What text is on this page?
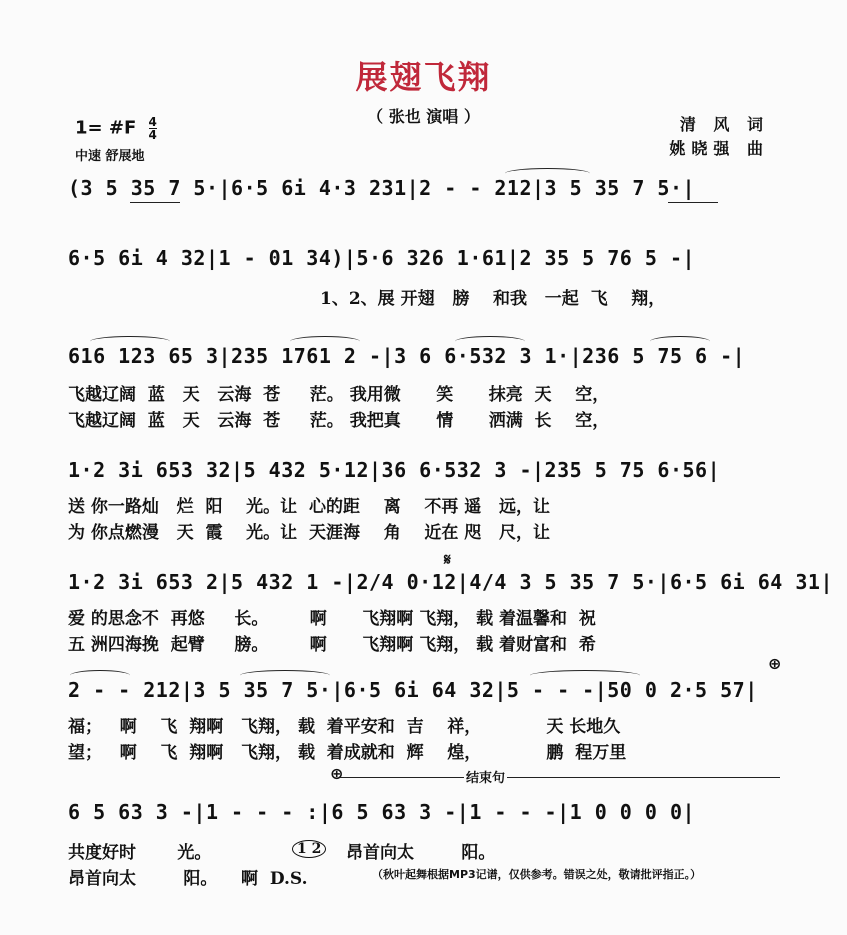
展翅飞翔
（ 张也 演唱 ）
1= #F $\frac{4}{4}$
中速 舒展地
清 风 词
姚晓强 曲
(3 5 35 7 5·|6·5 6i 4·3 231|2 - - 212|3 5 35 7 5·|
6·5 6i 4 32|1 - 01 34)|5·6 326 1·61|2 35 5 76 5 -|
1、2、展 开翅   膀    和我   一起  飞    翔，
616 123 65 3|235 1761 2 -|3 6 6·532 3 1·|236 5 75 6 -|
飞越辽阔  蓝   天   云海  苍     茫。 我用微      笑      抹亮  天    空，
飞越辽阔  蓝   天   云海  苍     茫。 我把真      情      洒满  长    空，
1·2 3i 653 32|5 432 5·12|36 6·532 3 -|235 5 75 6·56|
送 你一路灿   烂  阳    光。让  心的距    离    不再 遥   远，让
为 你点燃漫   天  霞    光。让  天涯海    角    近在 咫   尺，让
𝄋
1·2 3i 653 2|5 432 1 -|2/4 0·12|4/4 3 5 35 7 5·|6·5 6i 64 31|
爱 的思念不  再悠     长。       啊      飞翔啊 飞翔， 载 着温馨和  祝
五 洲四海挽  起臂     膀。       啊      飞翔啊 飞翔， 载 着财富和  希
⊕
2 - - 212|3 5 35 7 5·|6·5 6i 64 32|5 - - -|50 0 2·5 57|
福；   啊    飞  翔啊   飞翔， 载  着平安和  吉    祥，           天 长地久
望；   啊    飞  翔啊   飞翔， 载  着成就和  辉    煌，           鹏  程万里
⊕	结束句
6 5 63 3 -|1 - - - :|6 5 63 3 -|1 - - -|1 0 0 0 0|
共度好时       光。	1 2	昂首向太        阳。
昂首向太        阳。    啊  D.S.	（秋叶起舞根据MP3记谱，仅供参考。错误之处，敬请批评指正。）
